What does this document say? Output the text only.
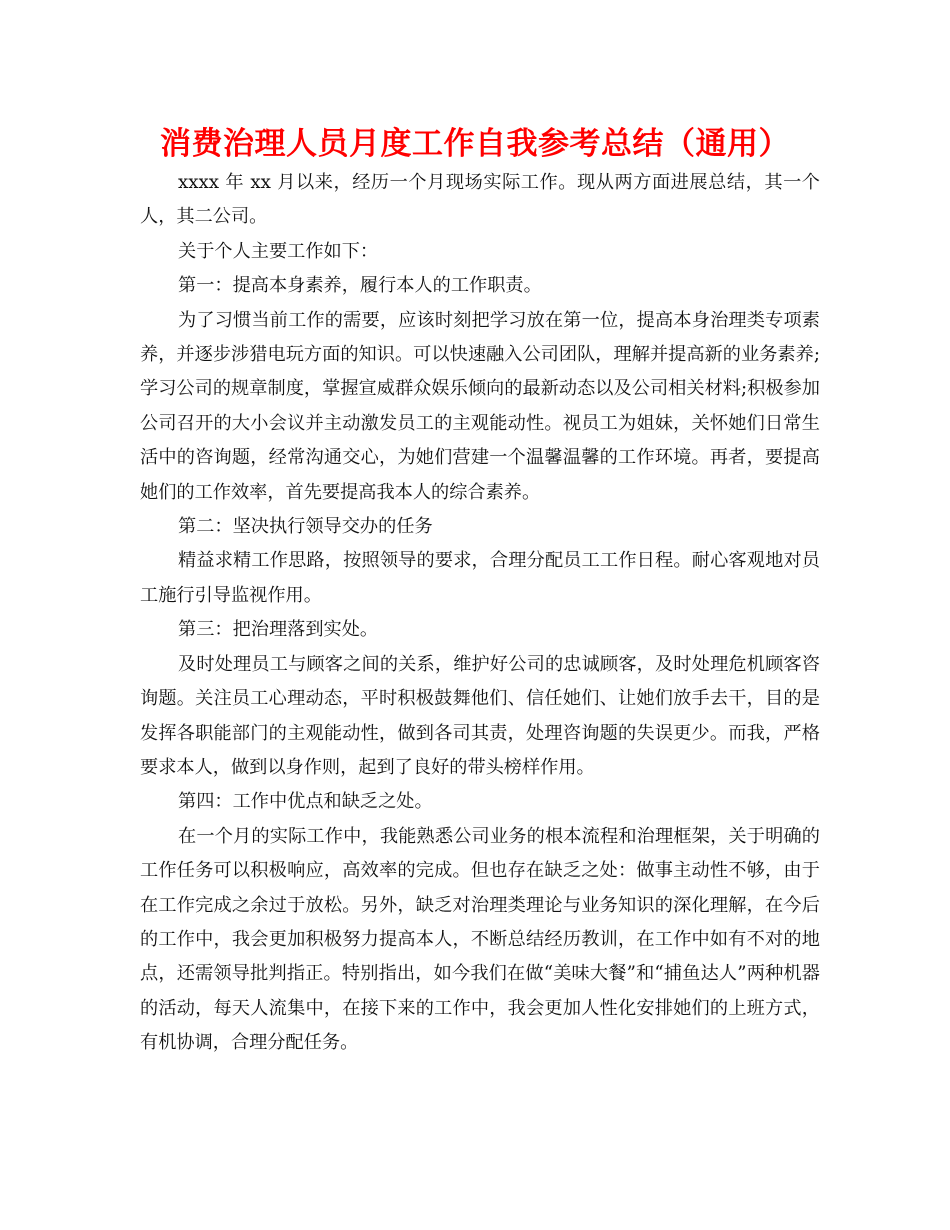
消费治理人员月度工作自我参考总结（通用）

xxxx 年 xx 月以来，经历一个月现场实际工作。现从两方面进展总结，其一个人，其二公司。

关于个人主要工作如下：

第一：提高本身素养，履行本人的工作职责。

为了习惯当前工作的需要，应该时刻把学习放在第一位，提高本身治理类专项素养，并逐步涉猎电玩方面的知识。可以快速融入公司团队，理解并提高新的业务素养;学习公司的规章制度，掌握宣威群众娱乐倾向的最新动态以及公司相关材料;积极参加公司召开的大小会议并主动激发员工的主观能动性。视员工为姐妹，关怀她们日常生活中的咨询题，经常沟通交心，为她们营建一个温馨温馨的工作环境。再者，要提高她们的工作效率，首先要提高我本人的综合素养。

第二：坚决执行领导交办的任务

精益求精工作思路，按照领导的要求，合理分配员工工作日程。耐心客观地对员工施行引导监视作用。

第三：把治理落到实处。

及时处理员工与顾客之间的关系，维护好公司的忠诚顾客，及时处理危机顾客咨询题。关注员工心理动态，平时积极鼓舞他们、信任她们、让她们放手去干，目的是发挥各职能部门的主观能动性，做到各司其责，处理咨询题的失误更少。而我，严格要求本人，做到以身作则，起到了良好的带头榜样作用。

第四：工作中优点和缺乏之处。

在一个月的实际工作中，我能熟悉公司业务的根本流程和治理框架，关于明确的工作任务可以积极响应，高效率的完成。但也存在缺乏之处：做事主动性不够，由于在工作完成之余过于放松。另外，缺乏对治理类理论与业务知识的深化理解，在今后的工作中，我会更加积极努力提高本人，不断总结经历教训，在工作中如有不对的地点，还需领导批判指正。特别指出，如今我们在做“美味大餐”和“捕鱼达人”两种机器的活动，每天人流集中，在接下来的工作中，我会更加人性化安排她们的上班方式，有机协调，合理分配任务。
